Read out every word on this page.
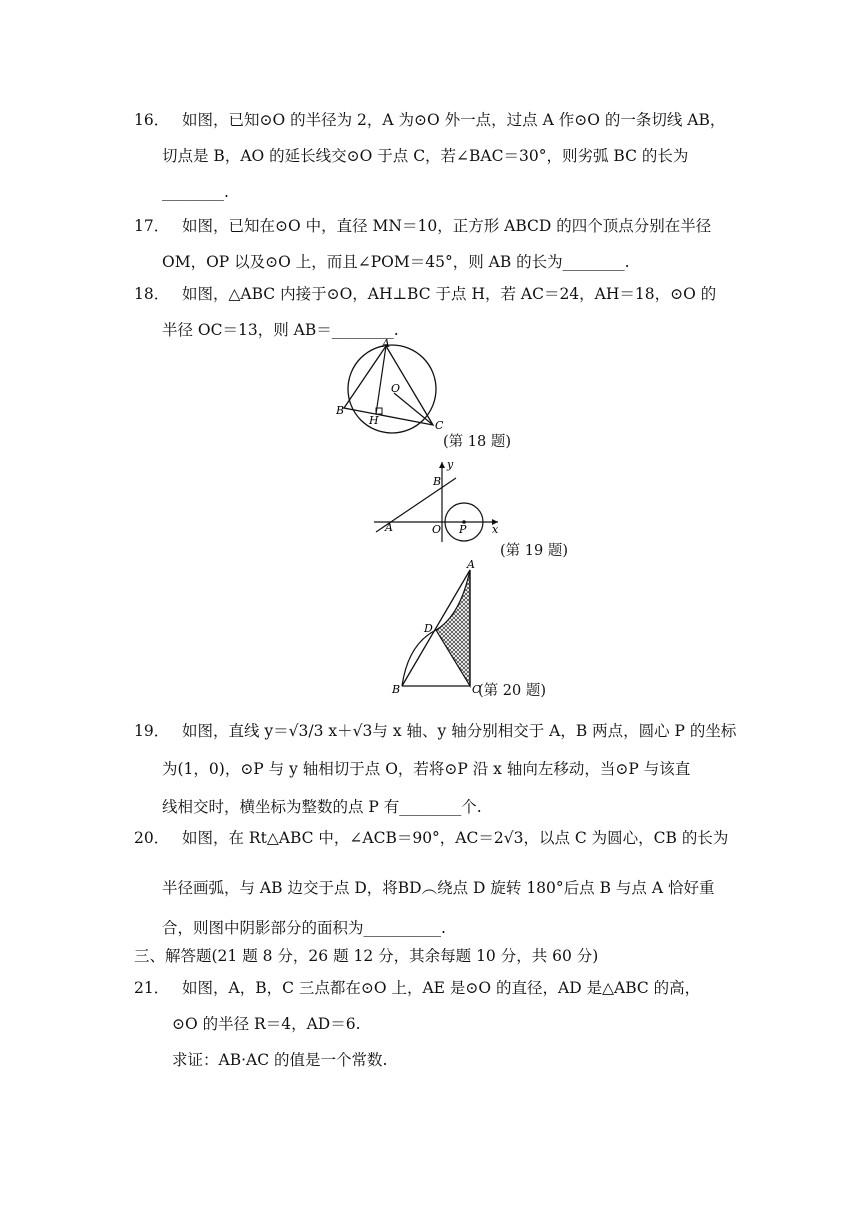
16． 如图，已知⊙O 的半径为 2，A 为⊙O 外一点，过点 A 作⊙O 的一条切线 AB，
切点是 B，AO 的延长线交⊙O 于点 C，若∠BAC＝30°，则劣弧 BC 的长为
________.
17． 如图，已知在⊙O 中，直径 MN＝10，正方形 ABCD 的四个顶点分别在半径
OM，OP 以及⊙O 上，而且∠POM＝45°，则 AB 的长为________.
18． 如图，△ABC 内接于⊙O，AH⊥BC 于点 H，若 AC＝24，AH＝18，⊙O 的
半径 OC＝13，则 AB＝________.
A
B
C
H
O
(第 18 题)
y
B
A	O P x
(第 19 题)
A
D
B	C
(第 20 题)
19． 如图，直线 y＝√3/3 x＋√3与 x 轴、y 轴分别相交于 A，B 两点，圆心 P 的坐标
为(1，0)，⊙P 与 y 轴相切于点 O，若将⊙P 沿 x 轴向左移动，当⊙P 与该直
线相交时，横坐标为整数的点 P 有________个.
20． 如图，在 Rt△ABC 中，∠ACB＝90°，AC＝2√3，以点 C 为圆心，CB 的长为
半径画弧，与 AB 边交于点 D，将BD︵绕点 D 旋转 180°后点 B 与点 A 恰好重
合，则图中阴影部分的面积为__________.
三、解答题(21 题 8 分，26 题 12 分，其余每题 10 分，共 60 分)
21． 如图，A，B，C 三点都在⊙O 上，AE 是⊙O 的直径，AD 是△ABC 的高，
⊙O 的半径 R＝4，AD＝6.
求证：AB·AC 的值是一个常数.
